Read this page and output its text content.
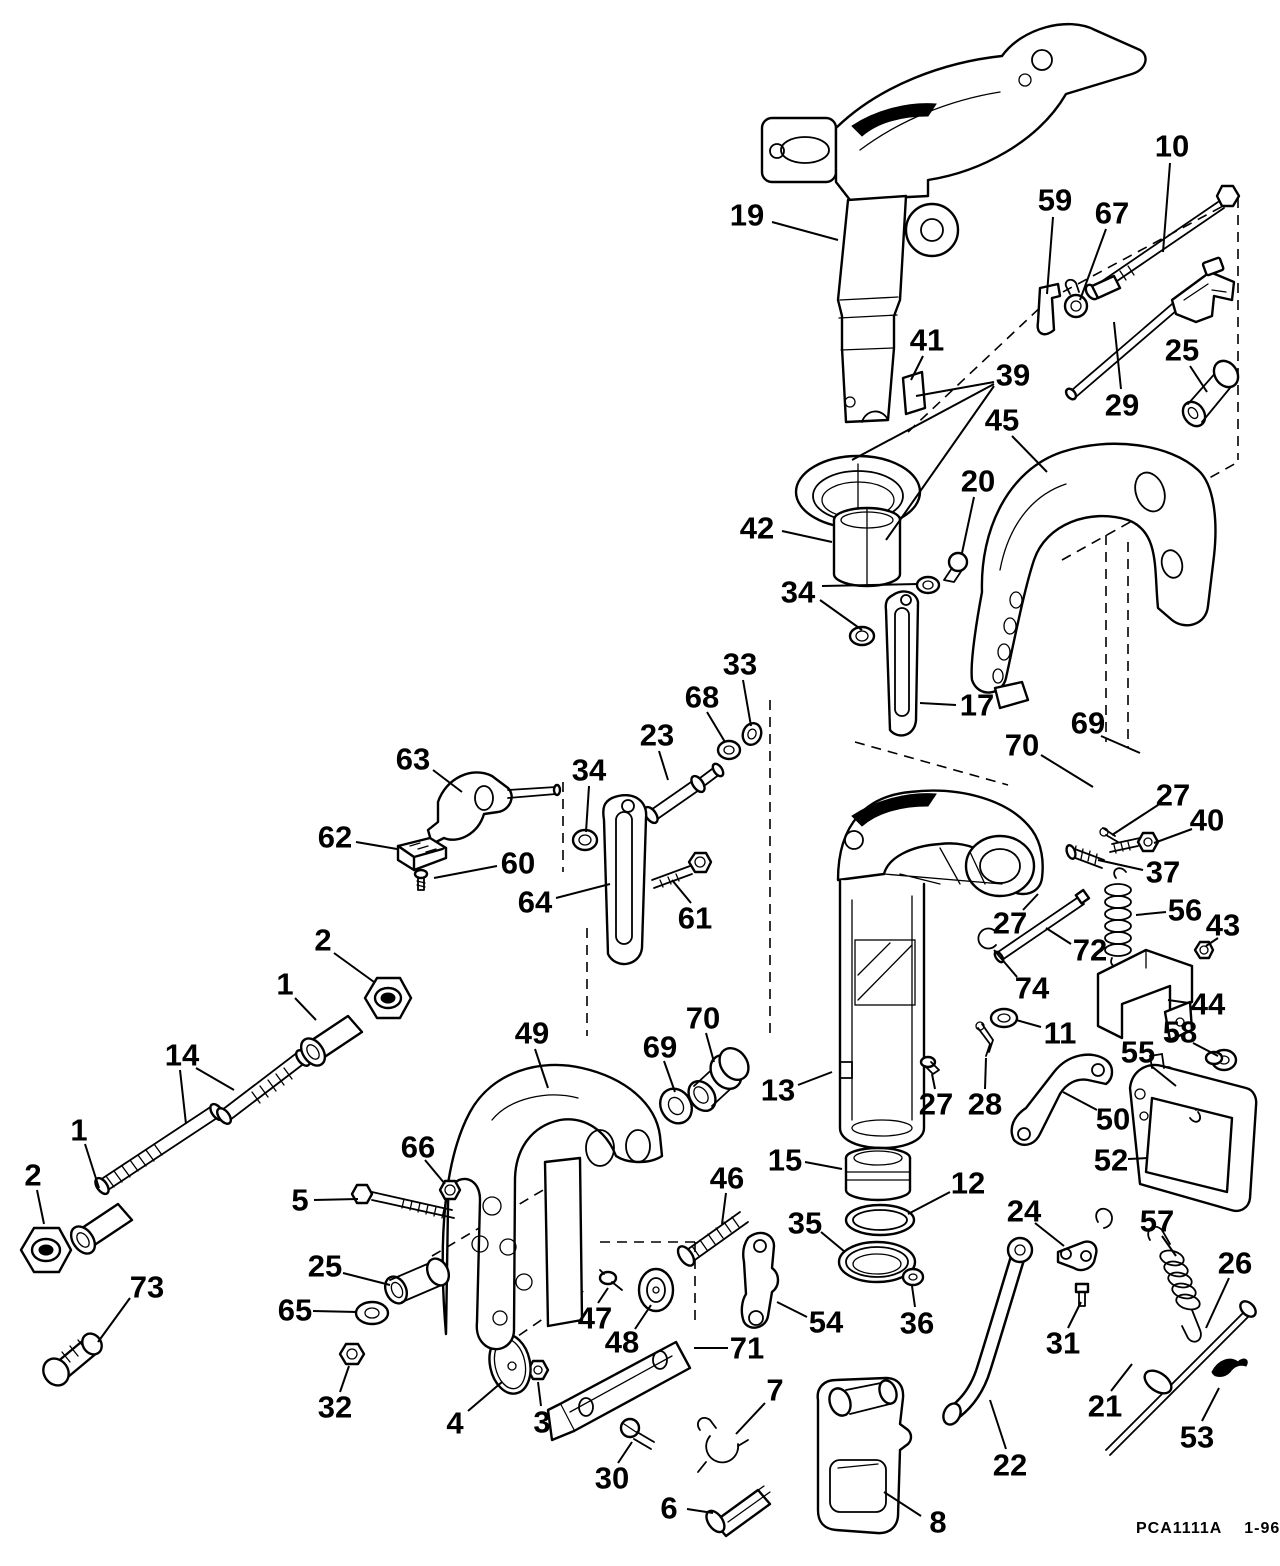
19
10
59 67
41	25
39
29
45
20
42
34
33
68	17
69
70
63
23
34
62
60
64	61
27
40
37
56 43
27
72
2
1	74	44
11	58
55
14
49	70
69
13	27 28	50
52
66
5
1
2	15
12
46
35	24	57
26
73
25
65
32
47
48
54 36
71	31
21
4 3
30
7
6
22
8
53
PCA1111A 1-96
